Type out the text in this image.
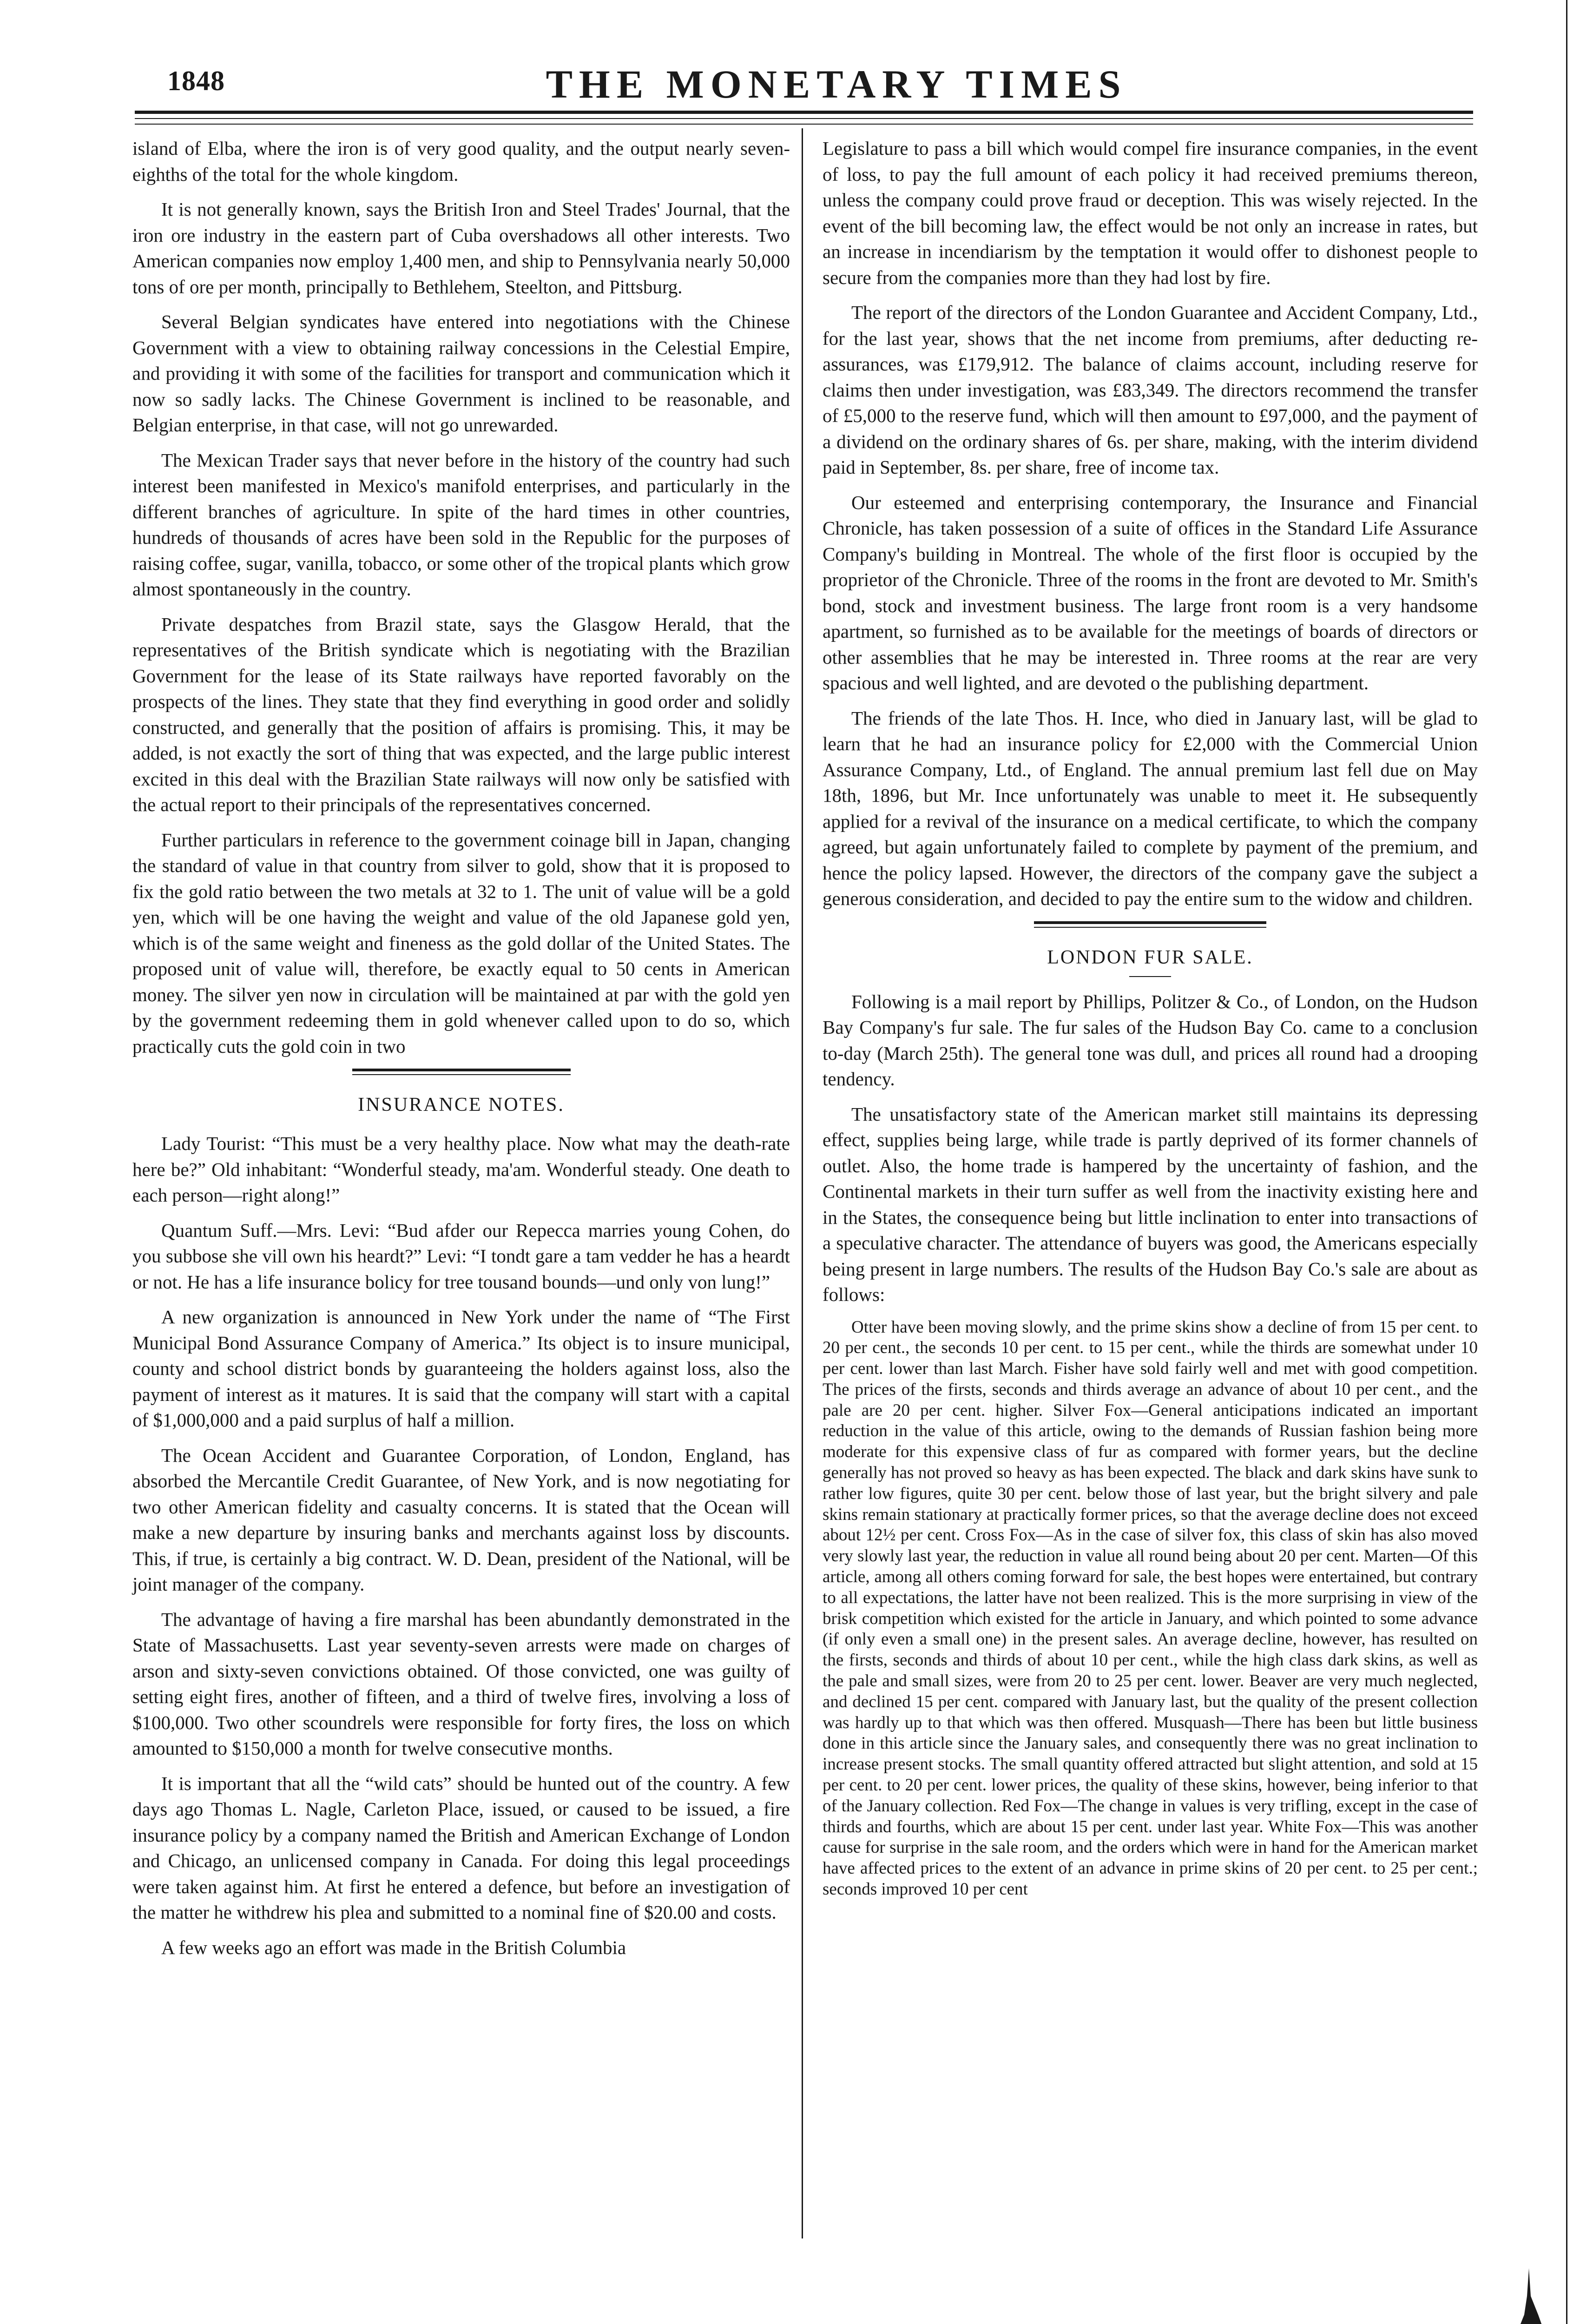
1848	THE MONETARY TIMES

island of Elba, where the iron is of very good quality, and the output nearly seven-eighths of the total for the whole kingdom.

It is not generally known, says the British Iron and Steel Trades' Journal, that the iron ore industry in the eastern part of Cuba overshadows all other interests. Two American companies now employ 1,400 men, and ship to Pennsylvania nearly 50,000 tons of ore per month, principally to Bethlehem, Steelton, and Pittsburg.

Several Belgian syndicates have entered into negotiations with the Chinese Government with a view to obtaining railway concessions in the Celestial Empire, and providing it with some of the facilities for transport and communication which it now so sadly lacks. The Chinese Government is inclined to be reasonable, and Belgian enterprise, in that case, will not go unrewarded.

The Mexican Trader says that never before in the history of the country had such interest been manifested in Mexico's manifold enterprises, and particularly in the different branches of agriculture. In spite of the hard times in other countries, hundreds of thousands of acres have been sold in the Republic for the purposes of raising coffee, sugar, vanilla, tobacco, or some other of the tropical plants which grow almost spontaneously in the country.

Private despatches from Brazil state, says the Glasgow Herald, that the representatives of the British syndicate which is negotiating with the Brazilian Government for the lease of its State railways have reported favorably on the prospects of the lines. They state that they find everything in good order and solidly constructed, and generally that the position of affairs is promising. This, it may be added, is not exactly the sort of thing that was expected, and the large public interest excited in this deal with the Brazilian State railways will now only be satisfied with the actual report to their principals of the representatives concerned.

Further particulars in reference to the government coinage bill in Japan, changing the standard of value in that country from silver to gold, show that it is proposed to fix the gold ratio between the two metals at 32 to 1. The unit of value will be a gold yen, which will be one having the weight and value of the old Japanese gold yen, which is of the same weight and fineness as the gold dollar of the United States. The proposed unit of value will, therefore, be exactly equal to 50 cents in American money. The silver yen now in circulation will be maintained at par with the gold yen by the government redeeming them in gold whenever called upon to do so, which practically cuts the gold coin in two

INSURANCE NOTES.

Lady Tourist: “This must be a very healthy place. Now what may the death-rate here be?” Old inhabitant: “Wonderful steady, ma'am. Wonderful steady. One death to each person—right along!”

Quantum Suff.—Mrs. Levi: “Bud afder our Repecca marries young Cohen, do you subbose she vill own his heardt?” Levi: “I tondt gare a tam vedder he has a heardt or not. He has a life insurance bolicy for tree tousand bounds—und only von lung!”

A new organization is announced in New York under the name of “The First Municipal Bond Assurance Company of America.” Its object is to insure municipal, county and school district bonds by guaranteeing the holders against loss, also the payment of interest as it matures. It is said that the company will start with a capital of $1,000,000 and a paid surplus of half a million.

The Ocean Accident and Guarantee Corporation, of London, England, has absorbed the Mercantile Credit Guarantee, of New York, and is now negotiating for two other American fidelity and casualty concerns. It is stated that the Ocean will make a new departure by insuring banks and merchants against loss by discounts. This, if true, is certainly a big contract. W. D. Dean, president of the National, will be joint manager of the company.

The advantage of having a fire marshal has been abundantly demonstrated in the State of Massachusetts. Last year seventy-seven arrests were made on charges of arson and sixty-seven convictions obtained. Of those convicted, one was guilty of setting eight fires, another of fifteen, and a third of twelve fires, involving a loss of $100,000. Two other scoundrels were responsible for forty fires, the loss on which amounted to $150,000 a month for twelve consecutive months.

It is important that all the “wild cats” should be hunted out of the country. A few days ago Thomas L. Nagle, Carleton Place, issued, or caused to be issued, a fire insurance policy by a company named the British and American Exchange of London and Chicago, an unlicensed company in Canada. For doing this legal proceedings were taken against him. At first he entered a defence, but before an investigation of the matter he withdrew his plea and submitted to a nominal fine of $20.00 and costs.

A few weeks ago an effort was made in the British Columbia

Legislature to pass a bill which would compel fire insurance companies, in the event of loss, to pay the full amount of each policy it had received premiums thereon, unless the company could prove fraud or deception. This was wisely rejected. In the event of the bill becoming law, the effect would be not only an increase in rates, but an increase in incendiarism by the temptation it would offer to dishonest people to secure from the companies more than they had lost by fire.

The report of the directors of the London Guarantee and Accident Company, Ltd., for the last year, shows that the net income from premiums, after deducting re-assurances, was £179,912. The balance of claims account, including reserve for claims then under investigation, was £83,349. The directors recommend the transfer of £5,000 to the reserve fund, which will then amount to £97,000, and the payment of a dividend on the ordinary shares of 6s. per share, making, with the interim dividend paid in September, 8s. per share, free of income tax.

Our esteemed and enterprising contemporary, the Insurance and Financial Chronicle, has taken possession of a suite of offices in the Standard Life Assurance Company's building in Montreal. The whole of the first floor is occupied by the proprietor of the Chronicle. Three of the rooms in the front are devoted to Mr. Smith's bond, stock and investment business. The large front room is a very handsome apartment, so furnished as to be available for the meetings of boards of directors or other assemblies that he may be interested in. Three rooms at the rear are very spacious and well lighted, and are devoted o the publishing department.

The friends of the late Thos. H. Ince, who died in January last, will be glad to learn that he had an insurance policy for £2,000 with the Commercial Union Assurance Company, Ltd., of England. The annual premium last fell due on May 18th, 1896, but Mr. Ince unfortunately was unable to meet it. He subsequently applied for a revival of the insurance on a medical certificate, to which the company agreed, but again unfortunately failed to complete by payment of the premium, and hence the policy lapsed. However, the directors of the company gave the subject a generous consideration, and decided to pay the entire sum to the widow and children.

LONDON FUR SALE.

Following is a mail report by Phillips, Politzer & Co., of London, on the Hudson Bay Company's fur sale. The fur sales of the Hudson Bay Co. came to a conclusion to-day (March 25th). The general tone was dull, and prices all round had a drooping tendency.

The unsatisfactory state of the American market still maintains its depressing effect, supplies being large, while trade is partly deprived of its former channels of outlet. Also, the home trade is hampered by the uncertainty of fashion, and the Continental markets in their turn suffer as well from the inactivity existing here and in the States, the consequence being but little inclination to enter into transactions of a speculative character. The attendance of buyers was good, the Americans especially being present in large numbers. The results of the Hudson Bay Co.'s sale are about as follows:

Otter have been moving slowly, and the prime skins show a decline of from 15 per cent. to 20 per cent., the seconds 10 per cent. to 15 per cent., while the thirds are somewhat under 10 per cent. lower than last March. Fisher have sold fairly well and met with good competition. The prices of the firsts, seconds and thirds average an advance of about 10 per cent., and the pale are 20 per cent. higher. Silver Fox—General anticipations indicated an important reduction in the value of this article, owing to the demands of Russian fashion being more moderate for this expensive class of fur as compared with former years, but the decline generally has not proved so heavy as has been expected. The black and dark skins have sunk to rather low figures, quite 30 per cent. below those of last year, but the bright silvery and pale skins remain stationary at practically former prices, so that the average decline does not exceed about 12½ per cent. Cross Fox—As in the case of silver fox, this class of skin has also moved very slowly last year, the reduction in value all round being about 20 per cent. Marten—Of this article, among all others coming forward for sale, the best hopes were entertained, but contrary to all expectations, the latter have not been realized. This is the more surprising in view of the brisk competition which existed for the article in January, and which pointed to some advance (if only even a small one) in the present sales. An average decline, however, has resulted on the firsts, seconds and thirds of about 10 per cent., while the high class dark skins, as well as the pale and small sizes, were from 20 to 25 per cent. lower. Beaver are very much neglected, and declined 15 per cent. compared with January last, but the quality of the present collection was hardly up to that which was then offered. Musquash—There has been but little business done in this article since the January sales, and consequently there was no great inclination to increase present stocks. The small quantity offered attracted but slight attention, and sold at 15 per cent. to 20 per cent. lower prices, the quality of these skins, however, being inferior to that of the January collection. Red Fox—The change in values is very trifling, except in the case of thirds and fourths, which are about 15 per cent. under last year. White Fox—This was another cause for surprise in the sale room, and the orders which were in hand for the American market have affected prices to the extent of an advance in prime skins of 20 per cent. to 25 per cent.; seconds improved 10 per cent
